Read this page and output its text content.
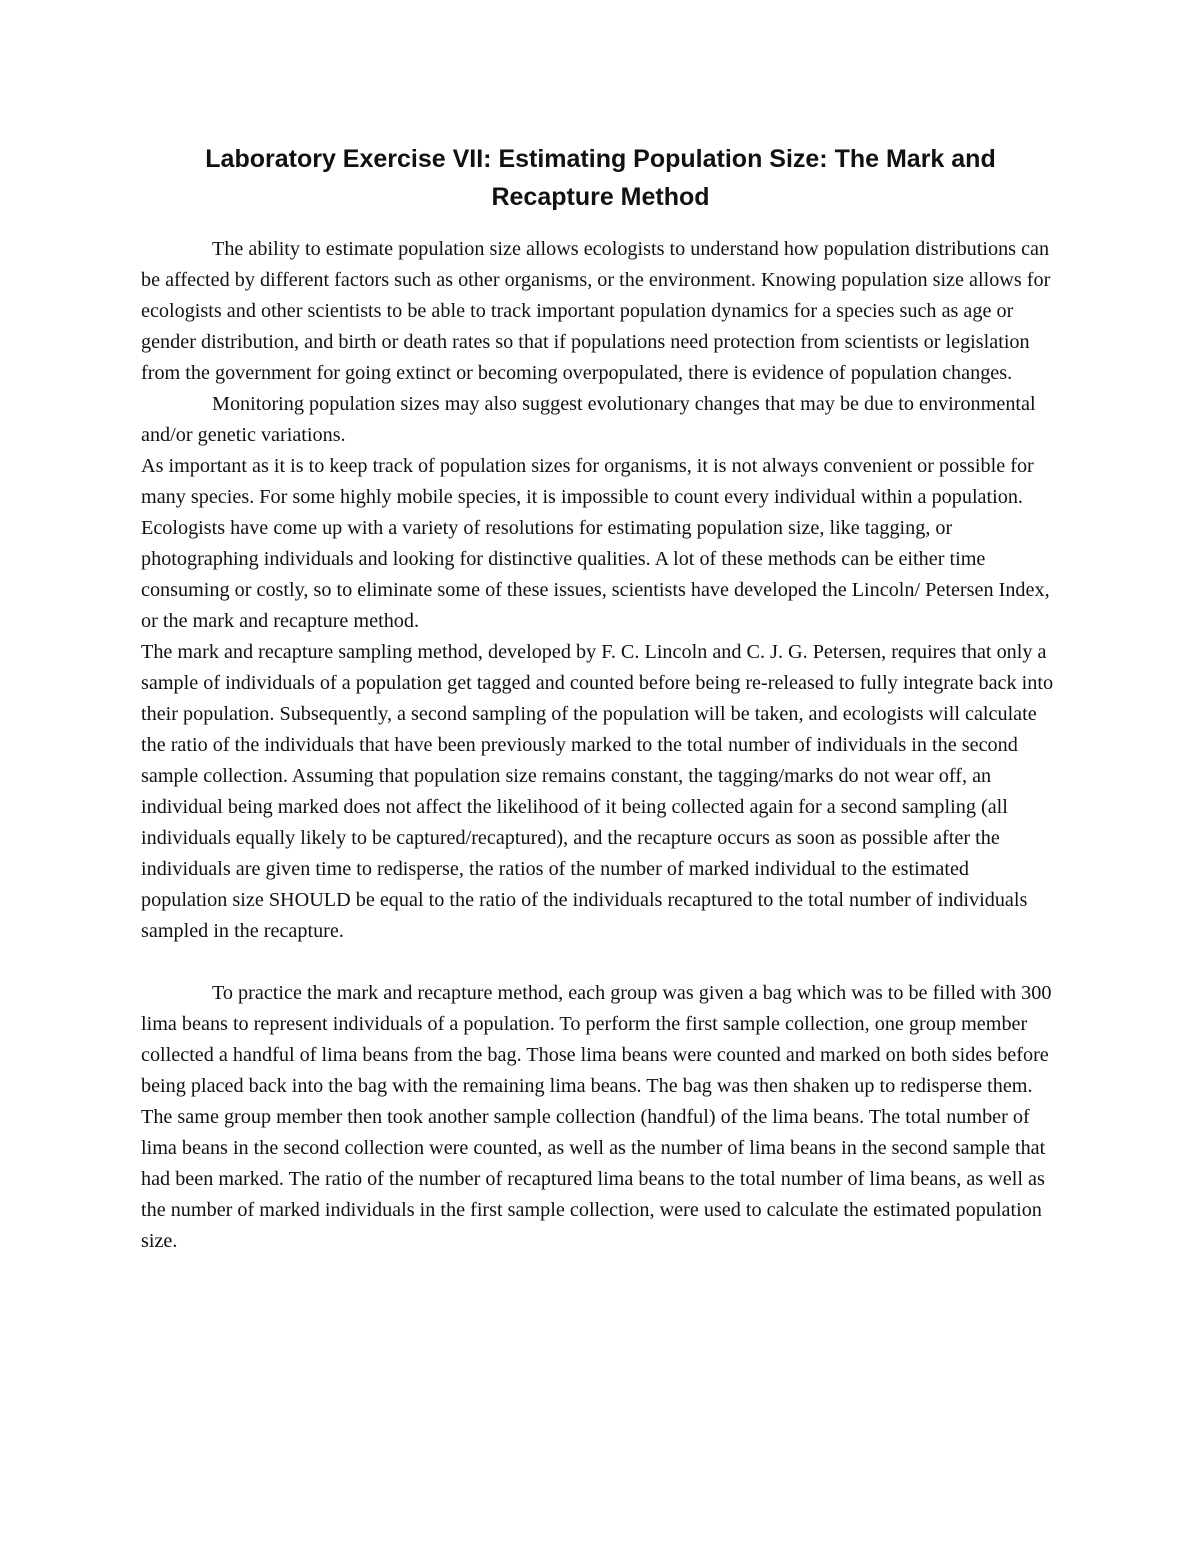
Laboratory Exercise VII: Estimating Population Size: The Mark and
Recapture Method

The ability to estimate population size allows ecologists to understand how population distributions can be affected by different factors such as other organisms, or the environment. Knowing population size allows for ecologists and other scientists to be able to track important population dynamics for a species such as age or gender distribution, and birth or death rates so that if populations need protection from scientists or legislation from the government for going extinct or becoming overpopulated, there is evidence of population changes.

Monitoring population sizes may also suggest evolutionary changes that may be due to environmental and/or genetic variations.

As important as it is to keep track of population sizes for organisms, it is not always convenient or possible for many species. For some highly mobile species, it is impossible to count every individual within a population.

Ecologists have come up with a variety of resolutions for estimating population size, like tagging, or photographing individuals and looking for distinctive qualities. A lot of these methods can be either time consuming or costly, so to eliminate some of these issues, scientists have developed the Lincoln/ Petersen Index, or the mark and recapture method.

The mark and recapture sampling method, developed by F. C. Lincoln and C. J. G. Petersen, requires that only a sample of individuals of a population get tagged and counted before being re-released to fully integrate back into their population. Subsequently, a second sampling of the population will be taken, and ecologists will calculate the ratio of the individuals that have been previously marked to the total number of individuals in the second sample collection. Assuming that population size remains constant, the tagging/marks do not wear off, an individual being marked does not affect the likelihood of it being collected again for a second sampling (all individuals equally likely to be captured/recaptured), and the recapture occurs as soon as possible after the individuals are given time to redisperse, the ratios of the number of marked individual to the estimated population size SHOULD be equal to the ratio of the individuals recaptured to the total number of individuals sampled in the recapture.

To practice the mark and recapture method, each group was given a bag which was to be filled with 300 lima beans to represent individuals of a population. To perform the first sample collection, one group member collected a handful of lima beans from the bag. Those lima beans were counted and marked on both sides before being placed back into the bag with the remaining lima beans. The bag was then shaken up to redisperse them. The same group member then took another sample collection (handful) of the lima beans. The total number of lima beans in the second collection were counted, as well as the number of lima beans in the second sample that had been marked. The ratio of the number of recaptured lima beans to the total number of lima beans, as well as the number of marked individuals in the first sample collection, were used to calculate the estimated population size.
